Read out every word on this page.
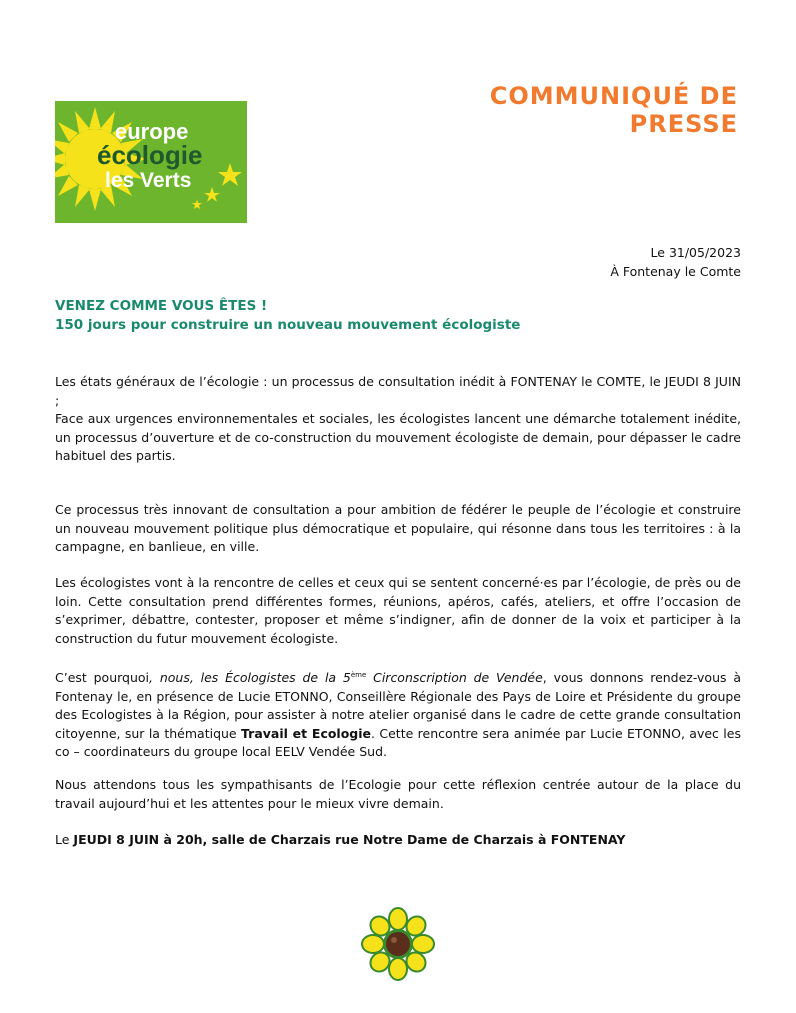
COMMUNIQUÉ DE PRESSE
europe
écologie
les Verts
Le 31/05/2023
À Fontenay le Comte
VENEZ COMME VOUS ÊTES !
150 jours pour construire un nouveau mouvement écologiste
Les états généraux de l’écologie : un processus de consultation inédit à FONTENAY le COMTE, le JEUDI 8 JUIN ;
Face aux urgences environnementales et sociales, les écologistes lancent une démarche totalement inédite, un processus d’ouverture et de co-construction du mouvement écologiste de demain, pour dépasser le cadre habituel des partis.
Ce processus très innovant de consultation a pour ambition de fédérer le peuple de l’écologie et construire un nouveau mouvement politique plus démocratique et populaire, qui résonne dans tous les territoires : à la campagne, en banlieue, en ville.
Les écologistes vont à la rencontre de celles et ceux qui se sentent concerné·es par l’écologie, de près ou de loin. Cette consultation prend différentes formes, réunions, apéros, cafés, ateliers, et offre l’occasion de s’exprimer, débattre, contester, proposer et même s’indigner, afin de donner de la voix et participer à la construction du futur mouvement écologiste.
C’est pourquoi, nous, les Écologistes de la 5ème Circonscription de Vendée, vous donnons rendez-vous à Fontenay le, en présence de Lucie ETONNO, Conseillère Régionale des Pays de Loire et Présidente du groupe des Ecologistes à la Région, pour assister à notre atelier organisé dans le cadre de cette grande consultation citoyenne, sur la thématique Travail et Ecologie. Cette rencontre sera animée par Lucie ETONNO, avec les co – coordinateurs du groupe local EELV Vendée Sud.
Nous attendons tous les sympathisants de l’Ecologie pour cette réflexion centrée autour de la place du travail aujourd’hui et les attentes pour le mieux vivre demain.
Le JEUDI 8 JUIN à 20h, salle de Charzais rue Notre Dame de Charzais à FONTENAY
